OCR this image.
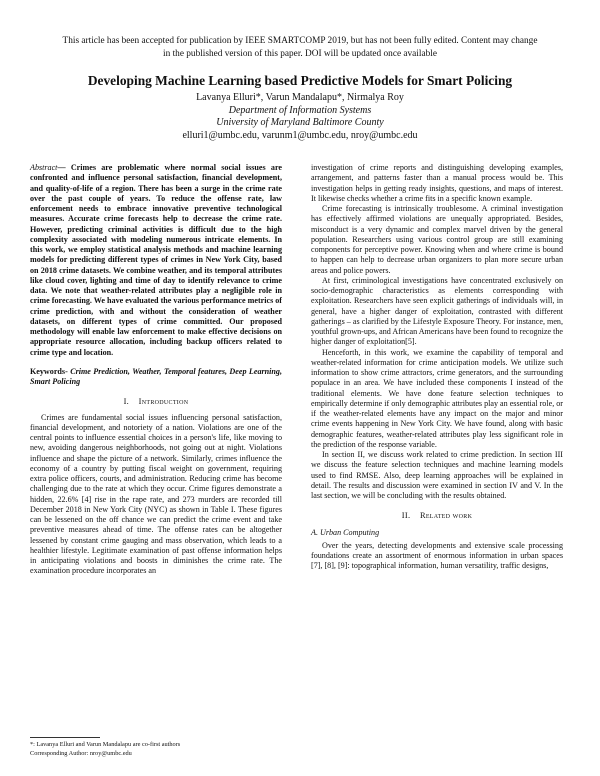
This article has been accepted for publication by IEEE SMARTCOMP 2019, but has not been fully edited. Content may change in the published version of this paper. DOI will be updated once available
Developing Machine Learning based Predictive Models for Smart Policing
Lavanya Elluri*, Varun Mandalapu*, Nirmalya Roy
Department of Information Systems
University of Maryland Baltimore County
elluri1@umbc.edu, varunm1@umbc.edu, nroy@umbc.edu

Abstract— Crimes are problematic where normal social issues are confronted and influence personal satisfaction, financial development, and quality-of-life of a region. There has been a surge in the crime rate over the past couple of years. To reduce the offense rate, law enforcement needs to embrace innovative preventive technological measures. Accurate crime forecasts help to decrease the crime rate. However, predicting criminal activities is difficult due to the high complexity associated with modeling numerous intricate elements. In this work, we employ statistical analysis methods and machine learning models for predicting different types of crimes in New York City, based on 2018 crime datasets. We combine weather, and its temporal attributes like cloud cover, lighting and time of day to identify relevance to crime data. We note that weather-related attributes play a negligible role in crime forecasting. We have evaluated the various performance metrics of crime prediction, with and without the consideration of weather datasets, on different types of crime committed. Our proposed methodology will enable law enforcement to make effective decisions on appropriate resource allocation, including backup officers related to crime type and location.

Keywords- Crime Prediction, Weather, Temporal features, Deep Learning, Smart Policing

I. Introduction

Crimes are fundamental social issues influencing personal satisfaction, financial development, and notoriety of a nation. Violations are one of the central points to influence essential choices in a person's life, like moving to new, avoiding dangerous neighborhoods, not going out at night. Violations influence and shape the picture of a network. Similarly, crimes influence the economy of a country by putting fiscal weight on government, requiring extra police officers, courts, and administration. Reducing crime has become challenging due to the rate at which they occur. Crime figures demonstrate a hidden, 22.6% [4] rise in the rape rate, and 273 murders are recorded till December 2018 in New York City (NYC) as shown in Table I. These figures can be lessened on the off chance we can predict the crime event and take preventive measures ahead of time. The offense rates can be altogether lessened by constant crime gauging and mass observation, which leads to a healthier lifestyle. Legitimate examination of past offense information helps in anticipating violations and boosts in diminishes the crime rate. The examination procedure incorporates an

investigation of crime reports and distinguishing developing examples, arrangement, and patterns faster than a manual process would be. This investigation helps in getting ready insights, questions, and maps of interest. It likewise checks whether a crime fits in a specific known example.

Crime forecasting is intrinsically troublesome. A criminal investigation has effectively affirmed violations are unequally appropriated. Besides, misconduct is a very dynamic and complex marvel driven by the general population. Researchers using various control group are still examining components for perceptive power. Knowing when and where crime is bound to happen can help to decrease urban organizers to plan more secure urban areas and police powers.

At first, criminological investigations have concentrated exclusively on socio-demographic characteristics as elements corresponding with exploitation. Researchers have seen explicit gatherings of individuals will, in general, have a higher danger of exploitation, contrasted with different gatherings – as clarified by the Lifestyle Exposure Theory. For instance, men, youthful grown-ups, and African Americans have been found to recognize the higher danger of exploitation[5].

Henceforth, in this work, we examine the capability of temporal and weather-related information for crime anticipation models. We utilize such information to show crime attractors, crime generators, and the surrounding populace in an area. We have included these components I instead of the traditional elements. We have done feature selection techniques to empirically determine if only demographic attributes play an essential role, or if the weather-related elements have any impact on the major and minor crime events happening in New York City. We have found, along with basic demographic features, weather-related attributes play less significant role in the prediction of the response variable.

In section II, we discuss work related to crime prediction. In section III we discuss the feature selection techniques and machine learning models used to find RMSE. Also, deep learning approaches will be explained in detail. The results and discussion were examined in section IV and V. In the last section, we will be concluding with the results obtained.

II. Related work

A. Urban Computing

Over the years, detecting developments and extensive scale processing foundations create an assortment of enormous information in urban spaces [7], [8], [9]: topographical information, human versatility, traffic designs,

*: Lavanya Elluri and Varun Mandalapu are co-first authors
Corresponding Author: nroy@umbc.edu
